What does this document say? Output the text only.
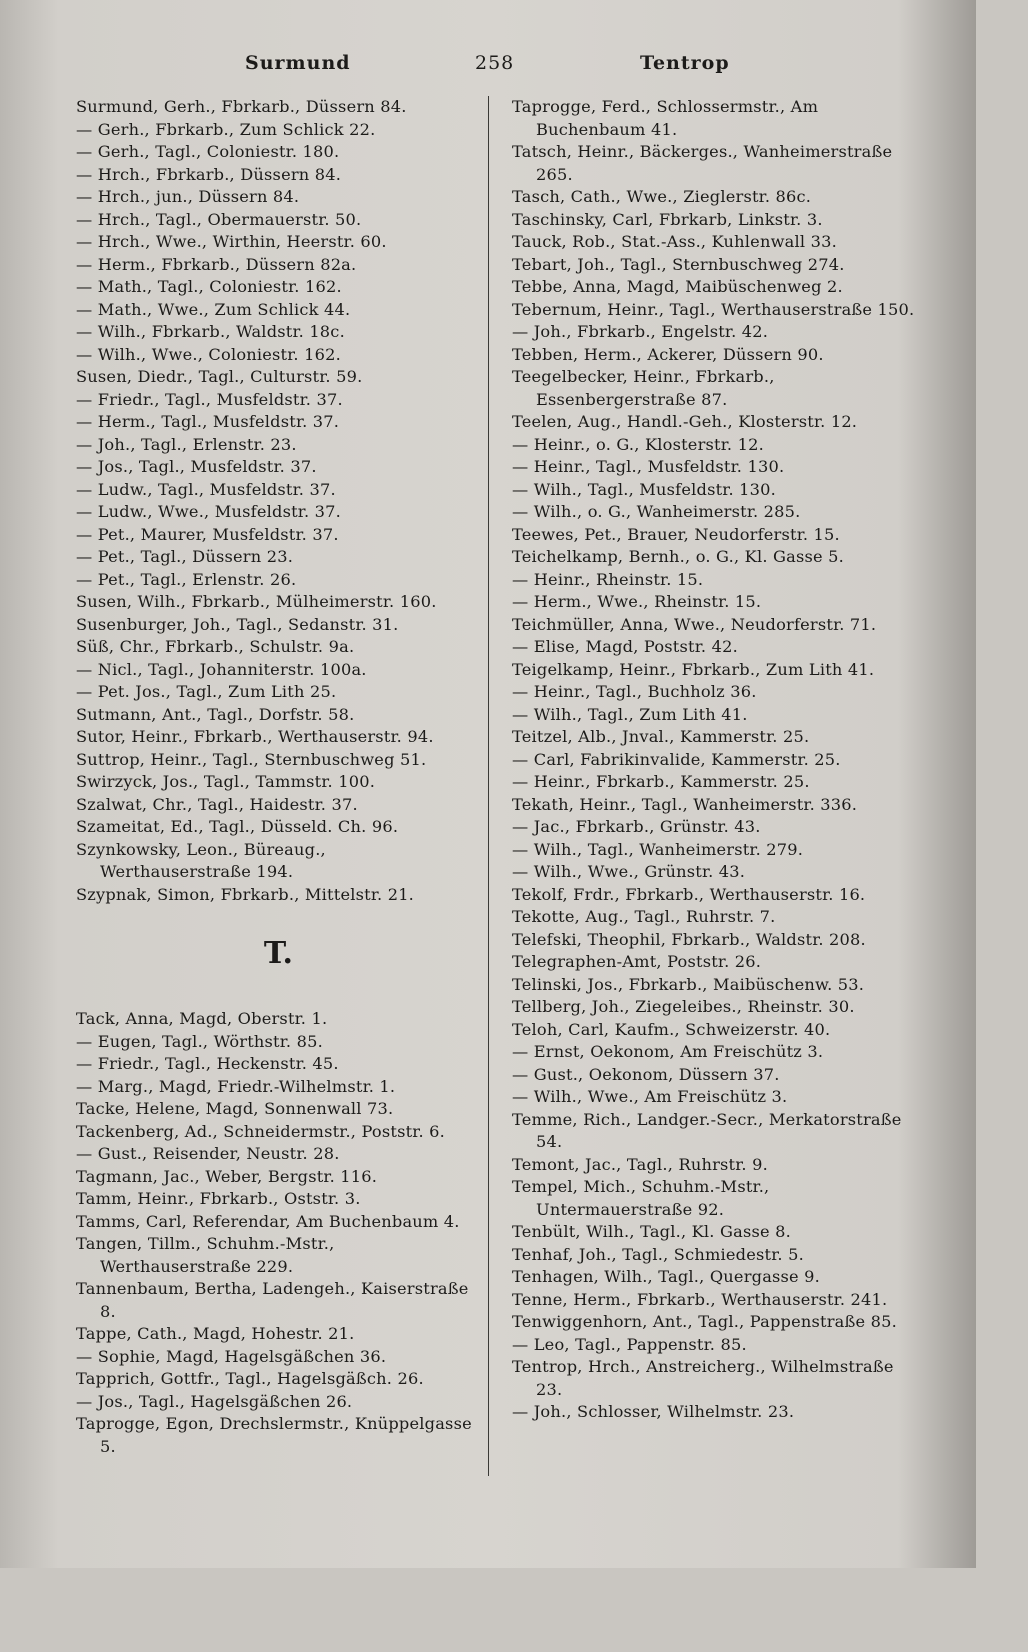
Surmund	258	Tentrop
Surmund, Gerh., Fbrkarb., Düssern 84.
— Gerh., Fbrkarb., Zum Schlick 22.
— Gerh., Tagl., Coloniestr. 180.
— Hrch., Fbrkarb., Düssern 84.
— Hrch., jun., Düssern 84.
— Hrch., Tagl., Obermauerstr. 50.
— Hrch., Wwe., Wirthin, Heerstr. 60.
— Herm., Fbrkarb., Düssern 82a.
— Math., Tagl., Coloniestr. 162.
— Math., Wwe., Zum Schlick 44.
— Wilh., Fbrkarb., Waldstr. 18c.
— Wilh., Wwe., Coloniestr. 162.
Susen, Diedr., Tagl., Culturstr. 59.
— Friedr., Tagl., Musfeldstr. 37.
— Herm., Tagl., Musfeldstr. 37.
— Joh., Tagl., Erlenstr. 23.
— Jos., Tagl., Musfeldstr. 37.
— Ludw., Tagl., Musfeldstr. 37.
— Ludw., Wwe., Musfeldstr. 37.
— Pet., Maurer, Musfeldstr. 37.
— Pet., Tagl., Düssern 23.
— Pet., Tagl., Erlenstr. 26.
Susen, Wilh., Fbrkarb., Mülheimerstr. 160.
Susenburger, Joh., Tagl., Sedanstr. 31.
Süß, Chr., Fbrkarb., Schulstr. 9a.
— Nicl., Tagl., Johanniterstr. 100a.
— Pet. Jos., Tagl., Zum Lith 25.
Sutmann, Ant., Tagl., Dorfstr. 58.
Sutor, Heinr., Fbrkarb., Werthauserstr. 94.
Suttrop, Heinr., Tagl., Sternbuschweg 51.
Swirzyck, Jos., Tagl., Tammstr. 100.
Szalwat, Chr., Tagl., Haidestr. 37.
Szameitat, Ed., Tagl., Düsseld. Ch. 96.
Szynkowsky, Leon., Büreaug., Werthauserstraße 194.
Szypnak, Simon, Fbrkarb., Mittelstr. 21.
T.
Tack, Anna, Magd, Oberstr. 1.
— Eugen, Tagl., Wörthstr. 85.
— Friedr., Tagl., Heckenstr. 45.
— Marg., Magd, Friedr.-Wilhelmstr. 1.
Tacke, Helene, Magd, Sonnenwall 73.
Tackenberg, Ad., Schneidermstr., Poststr. 6.
— Gust., Reisender, Neustr. 28.
Tagmann, Jac., Weber, Bergstr. 116.
Tamm, Heinr., Fbrkarb., Oststr. 3.
Tamms, Carl, Referendar, Am Buchenbaum 4.
Tangen, Tillm., Schuhm.-Mstr., Werthauserstraße 229.
Tannenbaum, Bertha, Ladengeh., Kaiserstraße 8.
Tappe, Cath., Magd, Hohestr. 21.
— Sophie, Magd, Hagelsgäßchen 36.
Tapprich, Gottfr., Tagl., Hagelsgäßch. 26.
— Jos., Tagl., Hagelsgäßchen 26.
Taprogge, Egon, Drechslermstr., Knüppelgasse 5.
Taprogge, Ferd., Schlossermstr., Am Buchenbaum 41.
Tatsch, Heinr., Bäckerges., Wanheimerstraße 265.
Tasch, Cath., Wwe., Zieglerstr. 86c.
Taschinsky, Carl, Fbrkarb, Linkstr. 3.
Tauck, Rob., Stat.-Ass., Kuhlenwall 33.
Tebart, Joh., Tagl., Sternbuschweg 274.
Tebbe, Anna, Magd, Maibüschenweg 2.
Tebernum, Heinr., Tagl., Werthauserstraße 150.
— Joh., Fbrkarb., Engelstr. 42.
Tebben, Herm., Ackerer, Düssern 90.
Teegelbecker, Heinr., Fbrkarb., Essenbergerstraße 87.
Teelen, Aug., Handl.-Geh., Klosterstr. 12.
— Heinr., o. G., Klosterstr. 12.
— Heinr., Tagl., Musfeldstr. 130.
— Wilh., Tagl., Musfeldstr. 130.
— Wilh., o. G., Wanheimerstr. 285.
Teewes, Pet., Brauer, Neudorferstr. 15.
Teichelkamp, Bernh., o. G., Kl. Gasse 5.
— Heinr., Rheinstr. 15.
— Herm., Wwe., Rheinstr. 15.
Teichmüller, Anna, Wwe., Neudorferstr. 71.
— Elise, Magd, Poststr. 42.
Teigelkamp, Heinr., Fbrkarb., Zum Lith 41.
— Heinr., Tagl., Buchholz 36.
— Wilh., Tagl., Zum Lith 41.
Teitzel, Alb., Jnval., Kammerstr. 25.
— Carl, Fabrikinvalide, Kammerstr. 25.
— Heinr., Fbrkarb., Kammerstr. 25.
Tekath, Heinr., Tagl., Wanheimerstr. 336.
— Jac., Fbrkarb., Grünstr. 43.
— Wilh., Tagl., Wanheimerstr. 279.
— Wilh., Wwe., Grünstr. 43.
Tekolf, Frdr., Fbrkarb., Werthauserstr. 16.
Tekotte, Aug., Tagl., Ruhrstr. 7.
Telefski, Theophil, Fbrkarb., Waldstr. 208.
Telegraphen-Amt, Poststr. 26.
Telinski, Jos., Fbrkarb., Maibüschenw. 53.
Tellberg, Joh., Ziegeleibes., Rheinstr. 30.
Teloh, Carl, Kaufm., Schweizerstr. 40.
— Ernst, Oekonom, Am Freischütz 3.
— Gust., Oekonom, Düssern 37.
— Wilh., Wwe., Am Freischütz 3.
Temme, Rich., Landger.-Secr., Merkatorstraße 54.
Temont, Jac., Tagl., Ruhrstr. 9.
Tempel, Mich., Schuhm.-Mstr., Untermauerstraße 92.
Tenbült, Wilh., Tagl., Kl. Gasse 8.
Tenhaf, Joh., Tagl., Schmiedestr. 5.
Tenhagen, Wilh., Tagl., Quergasse 9.
Tenne, Herm., Fbrkarb., Werthauserstr. 241.
Tenwiggenhorn, Ant., Tagl., Pappenstraße 85.
— Leo, Tagl., Pappenstr. 85.
Tentrop, Hrch., Anstreicherg., Wilhelmstraße 23.
— Joh., Schlosser, Wilhelmstr. 23.
